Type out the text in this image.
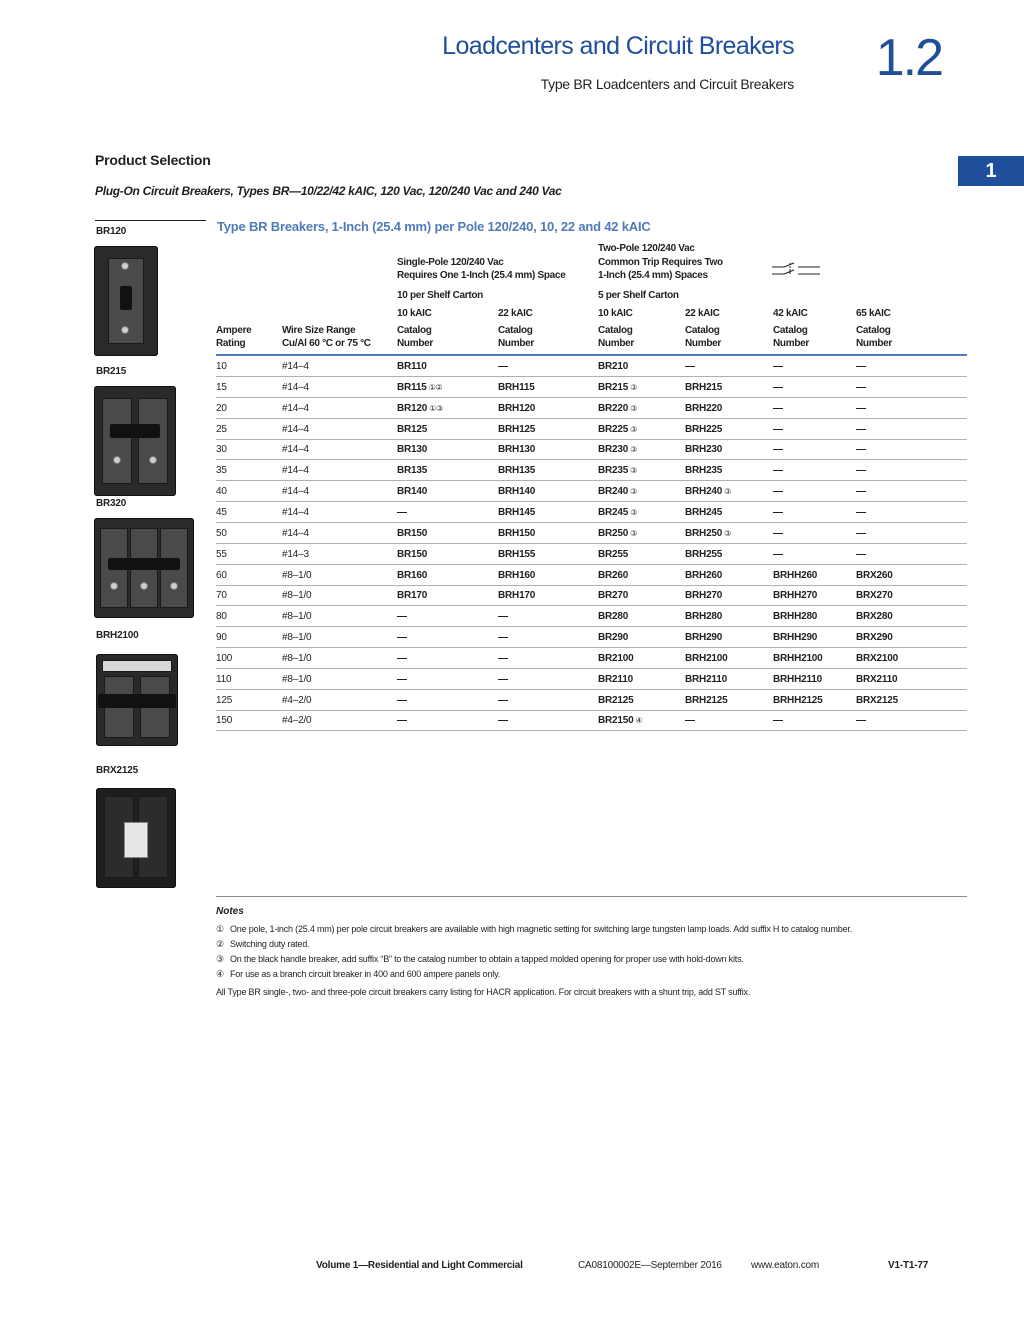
Loadcenters and Circuit Breakers
Type BR Loadcenters and Circuit Breakers	1.2
1
Product Selection
Plug-On Circuit Breakers, Types BR—10/22/42 kAIC, 120 Vac, 120/240 Vac and 240 Vac
BR120
BR215
BR320
BRH2100
BRX2125
Type BR Breakers, 1-Inch (25.4 mm) per Pole 120/240, 10, 22 and 42 kAIC
Two-Pole 120/240 Vac
Single-Pole 120/240 Vac	Common Trip Requires Two
Requires One 1-Inch (25.4 mm) Space	1-Inch (25.4 mm) Spaces
10 per Shelf Carton	5 per Shelf Carton
10 kAIC	22 kAIC	10 kAIC	22 kAIC	42 kAIC	65 kAIC
Ampere
Rating
Wire Size Range
Cu/Al 60 °C or 75 °C
Catalog
Number
Catalog
Number
Catalog
Number
Catalog
Number
Catalog
Number
Catalog
Number
10	#14–4	BR110	—	BR210	—	—	—
15	#14–4	BR115 ①②	BRH115	BR215 ③	BRH215	—	—
20	#14–4	BR120 ①③	BRH120	BR220 ③	BRH220	—	—
25	#14–4	BR125	BRH125	BR225 ③	BRH225	—	—
30	#14–4	BR130	BRH130	BR230 ③	BRH230	—	—
35	#14–4	BR135	BRH135	BR235 ③	BRH235	—	—
40	#14–4	BR140	BRH140	BR240 ③	BRH240 ③	—	—
45	#14–4	—	BRH145	BR245 ③	BRH245	—	—
50	#14–4	BR150	BRH150	BR250 ③	BRH250 ③	—	—
55	#14–3	BR150	BRH155	BR255	BRH255	—	—
60	#8–1/0	BR160	BRH160	BR260	BRH260	BRHH260	BRX260
70	#8–1/0	BR170	BRH170	BR270	BRH270	BRHH270	BRX270
80	#8–1/0	—	—	BR280	BRH280	BRHH280	BRX280
90	#8–1/0	—	—	BR290	BRH290	BRHH290	BRX290
100	#8–1/0	—	—	BR2100	BRH2100	BRHH2100	BRX2100
110	#8–1/0	—	—	BR2110	BRH2110	BRHH2110	BRX2110
125	#4–2/0	—	—	BR2125	BRH2125	BRHH2125	BRX2125
150	#4–2/0	—	—	BR2150 ④	—	—	—
Notes
① One pole, 1-inch (25.4 mm) per pole circuit breakers are available with high magnetic setting for switching large tungsten lamp loads. Add suffix H to catalog number.
② Switching duty rated.
③ On the black handle breaker, add suffix “B” to the catalog number to obtain a tapped molded opening for proper use with hold-down kits.
④ For use as a branch circuit breaker in 400 and 600 ampere panels only.
All Type BR single-, two- and three-pole circuit breakers carry listing for HACR application. For circuit breakers with a shunt trip, add ST suffix.
Volume 1—Residential and Light Commercial	CA08100002E—September 2016	www.eaton.com	V1-T1-77
